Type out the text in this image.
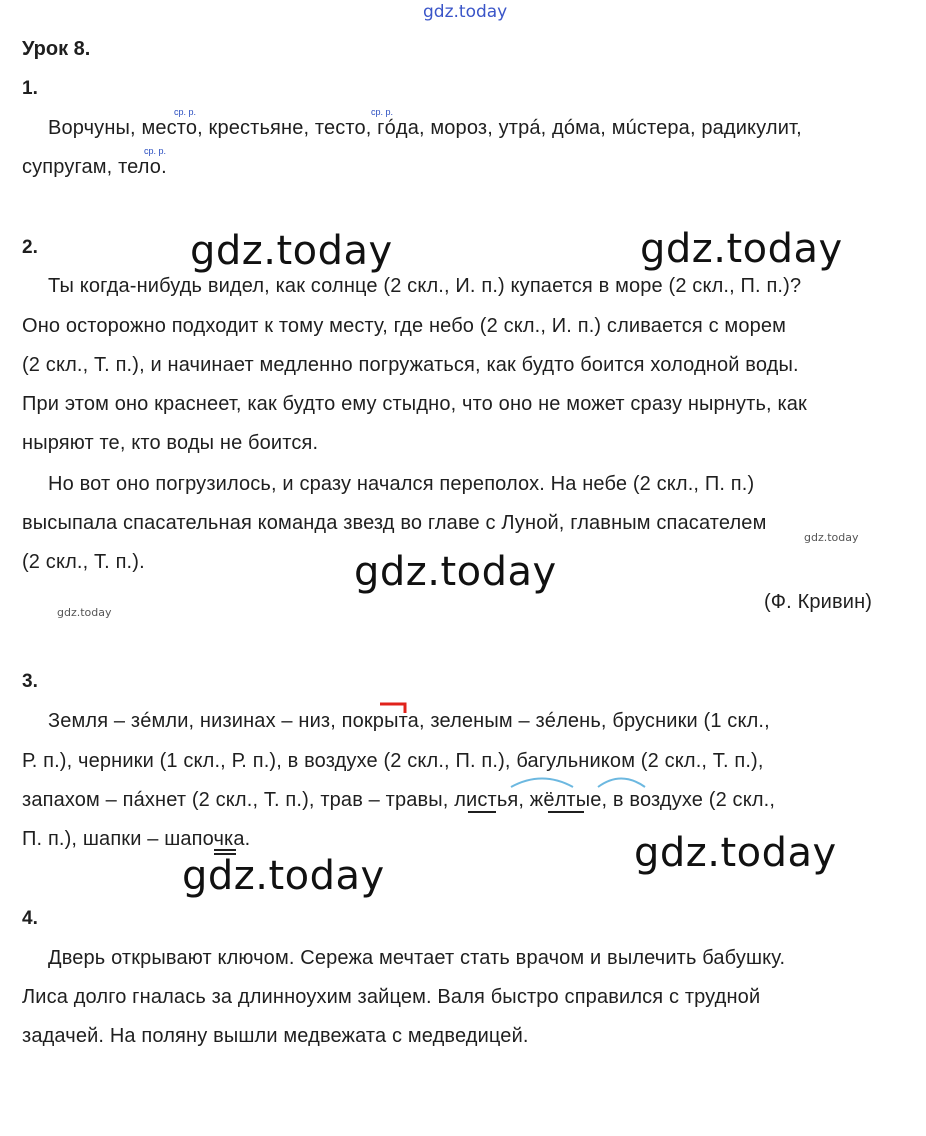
gdz.today
gdz.today	gdz.today
gdz.today
gdz.today
gdz.today
gdz.today
gdz.today
Урок 8.
1.
ср. р.	ср. р.
ср. р.
Ворчуны, место, крестьяне, тесто, гóда, мороз, утрá, дóма, мúстера, радикулит,
супругам, тело.
2.
Ты когда-нибудь видел, как солнце (2 скл., И. п.) купается в море (2 скл., П. п.)?
Оно осторожно подходит к тому месту, где небо (2 скл., И. п.) сливается с морем
(2 скл., Т. п.), и начинает медленно погружаться, как будто боится холодной воды.
При этом оно краснеет, как будто ему стыдно, что оно не может сразу нырнуть, как
ныряют те, кто воды не боится.
Но вот оно погрузилось, и сразу начался переполох. На небе (2 скл., П. п.)
высыпала спасательная команда звезд во главе с Луной, главным спасателем
(2 скл., Т. п.).
(Ф. Кривин)
3.
Земля – зéмли, низинах – низ, покрыта, зеленым – зéлень, брусники (1 скл.,
Р. п.), черники (1 скл., Р. п.), в воздухе (2 скл., П. п.), багульником (2 скл., Т. п.),
запахом – пáхнет (2 скл., Т. п.), трав – травы, листья, жёлтые, в воздухе (2 скл.,
П. п.), шапки – шапочка.
4.
Дверь открывают ключом. Сережа мечтает стать врачом и вылечить бабушку.
Лиса долго гналась за длинноухим зайцем. Валя быстро справился с трудной
задачей. На поляну вышли медвежата с медведицей.
